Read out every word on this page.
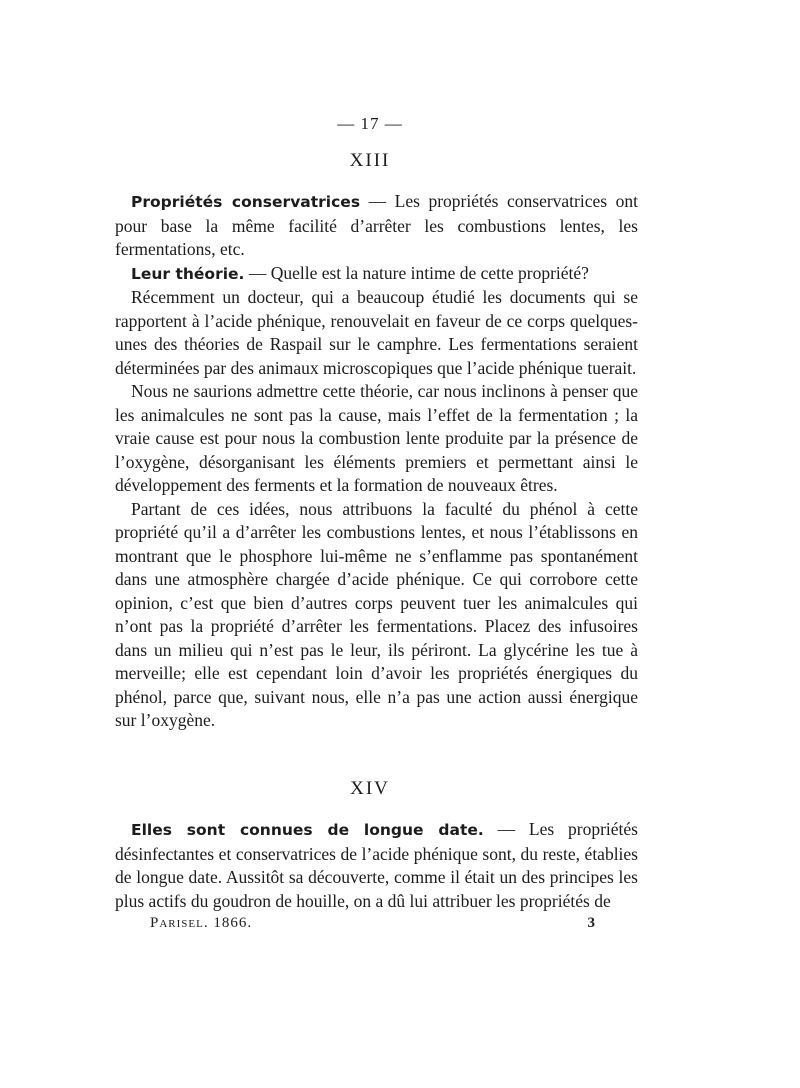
— 17 —
XIII

Propriétés conservatrices — Les propriétés conservatrices ont pour base la même facilité d’arrêter les combustions lentes, les fermentations, etc.

Leur théorie. — Quelle est la nature intime de cette propriété?

Récemment un docteur, qui a beaucoup étudié les documents qui se rapportent à l’acide phénique, renouvelait en faveur de ce corps quelques-unes des théories de Raspail sur le camphre. Les fermentations seraient déterminées par des animaux microscopiques que l’acide phénique tuerait.

Nous ne saurions admettre cette théorie, car nous inclinons à penser que les animalcules ne sont pas la cause, mais l’effet de la fermentation ; la vraie cause est pour nous la combustion lente produite par la présence de l’oxygène, désorganisant les éléments premiers et permettant ainsi le développement des ferments et la formation de nouveaux êtres.

Partant de ces idées, nous attribuons la faculté du phénol à cette propriété qu’il a d’arrêter les combustions lentes, et nous l’établissons en montrant que le phosphore lui-même ne s’enflamme pas spontanément dans une atmosphère chargée d’acide phénique. Ce qui corrobore cette opinion, c’est que bien d’autres corps peuvent tuer les animalcules qui n’ont pas la propriété d’arrêter les fermentations. Placez des infusoires dans un milieu qui n’est pas le leur, ils périront. La glycérine les tue à merveille; elle est cependant loin d’avoir les propriétés énergiques du phénol, parce que, suivant nous, elle n’a pas une action aussi énergique sur l’oxygène.

XIV

Elles sont connues de longue date. — Les propriétés désinfectantes et conservatrices de l’acide phénique sont, du reste, établies de longue date. Aussitôt sa découverte, comme il était un des principes les plus actifs du goudron de houille, on a dû lui attribuer les propriétés de

Parisel. 1866.	3
